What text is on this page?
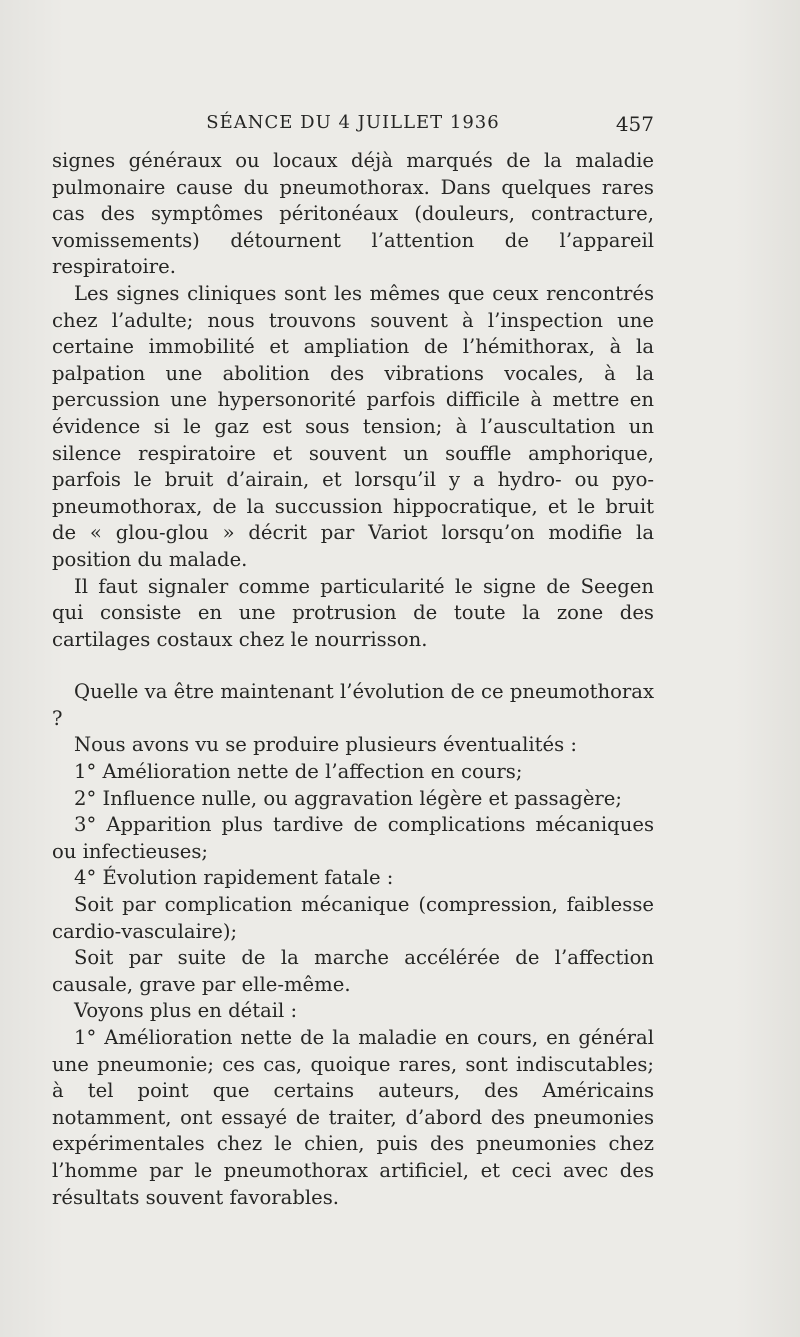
SÉANCE DU 4 JUILLET 1936	457

signes généraux ou locaux déjà marqués de la maladie pulmonaire cause du pneumothorax. Dans quelques rares cas des symptômes péritonéaux (douleurs, contracture, vomissements) détournent l’attention de l’appareil respiratoire.

Les signes cliniques sont les mêmes que ceux rencontrés chez l’adulte; nous trouvons souvent à l’inspection une certaine immobilité et ampliation de l’hémithorax, à la palpation une abolition des vibrations vocales, à la percussion une hypersonorité parfois difficile à mettre en évidence si le gaz est sous tension; à l’auscultation un silence respiratoire et souvent un souffle amphorique, parfois le bruit d’airain, et lorsqu’il y a hydro- ou pyo-pneumothorax, de la succussion hippocratique, et le bruit de « glou-glou » décrit par Variot lorsqu’on modifie la position du malade.

Il faut signaler comme particularité le signe de Seegen qui consiste en une protrusion de toute la zone des cartilages costaux chez le nourrisson.

Quelle va être maintenant l’évolution de ce pneumothorax ?

Nous avons vu se produire plusieurs éventualités :

1° Amélioration nette de l’affection en cours;

2° Influence nulle, ou aggravation légère et passagère;

3° Apparition plus tardive de complications mécaniques ou infectieuses;

4° Évolution rapidement fatale :

Soit par complication mécanique (compression, faiblesse cardio-vasculaire);

Soit par suite de la marche accélérée de l’affection causale, grave par elle-même.

Voyons plus en détail :

1° Amélioration nette de la maladie en cours, en général une pneumonie; ces cas, quoique rares, sont indiscutables; à tel point que certains auteurs, des Américains notamment, ont essayé de traiter, d’abord des pneumonies expérimentales chez le chien, puis des pneumonies chez l’homme par le pneumothorax artificiel, et ceci avec des résultats souvent favorables.
